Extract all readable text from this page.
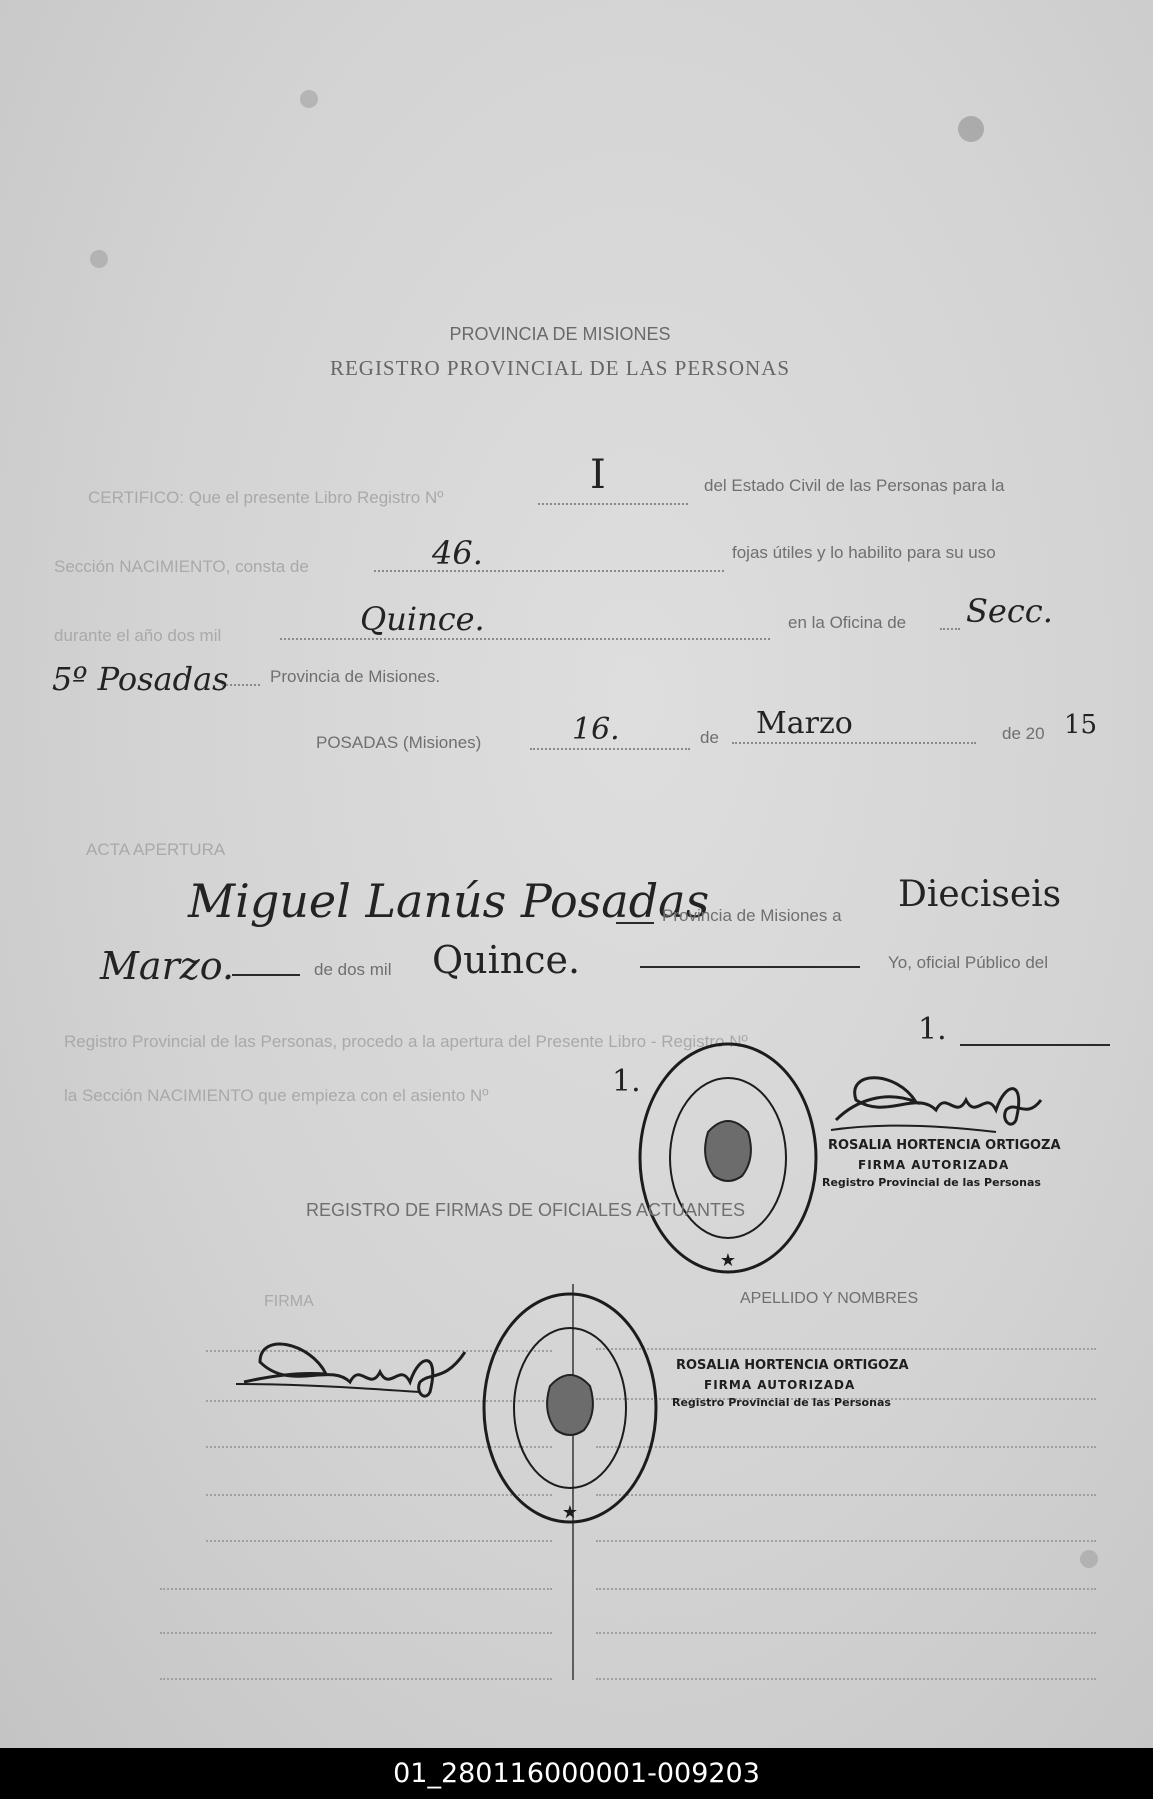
PROVINCIA DE MISIONES
REGISTRO PROVINCIAL DE LAS PERSONAS
CERTIFICO: Que el presente Libro Registro Nº	I	del Estado Civil de las Personas para la
Sección NACIMIENTO, consta de	46.	fojas útiles y lo habilito para su uso
durante el año dos mil	Quince.	en la Oficina de Secc.
5º Posadas Provincia de Misiones.
POSADAS (Misiones)	16.	de Marzo	de 20 15
ACTA APERTURA
Miguel Lanús Posadas
Provincia de Misiones a
Dieciseis
Marzo.	de dos mil Quince.	Yo, oficial Público del
Registro Provincial de las Personas, procedo a la apertura del Presente Libro - Registro Nº	1.
la Sección NACIMIENTO que empieza con el asiento Nº	1.
★
ROSALIA HORTENCIA ORTIGOZA
FIRMA AUTORIZADA
Registro Provincial de las Personas
REGISTRO DE FIRMAS DE OFICIALES ACTUANTES
FIRMA	APELLIDO Y NOMBRES
★
ROSALIA HORTENCIA ORTIGOZA
FIRMA AUTORIZADA
Registro Provincial de las Personas
01_280116000001-009203
